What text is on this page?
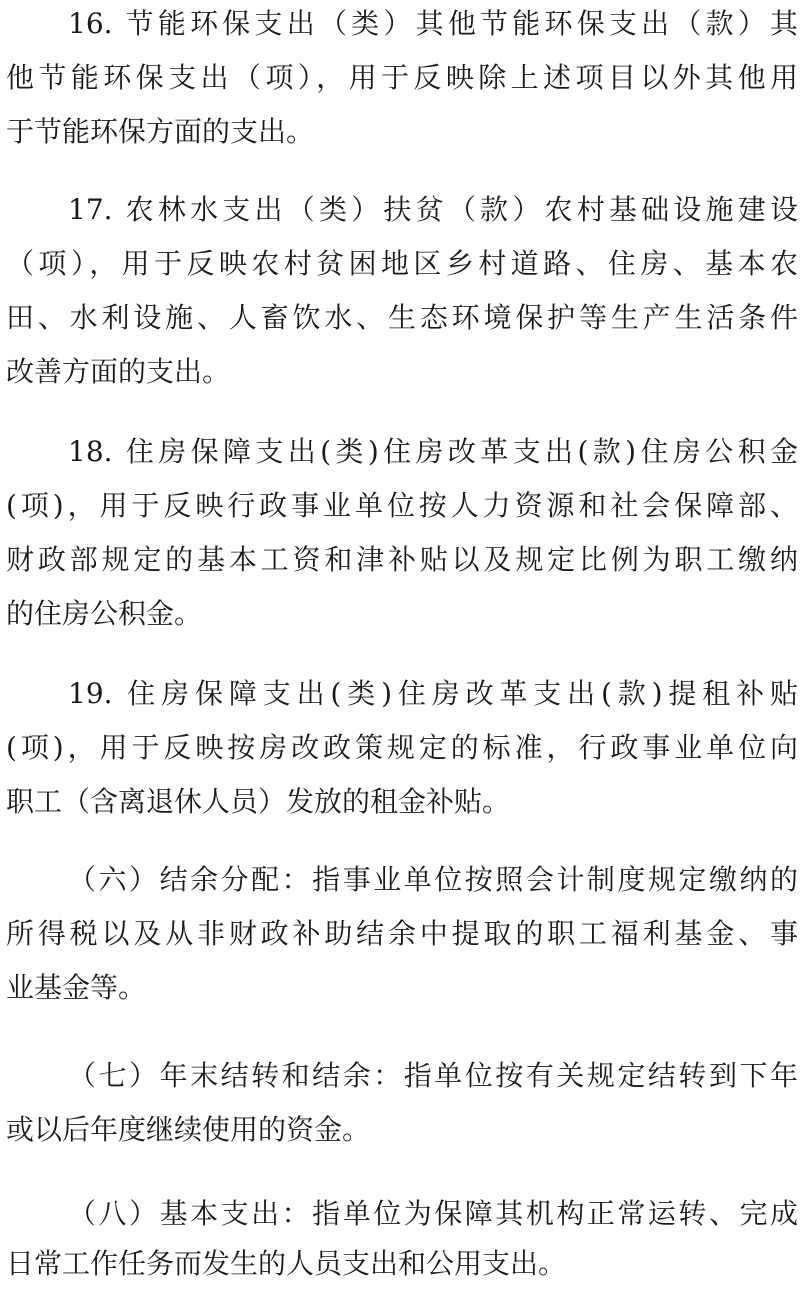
16. 节能环保支出（类）其他节能环保支出（款）其
他节能环保支出（项），用于反映除上述项目以外其他用
于节能环保方面的支出。
17. 农林水支出（类）扶贫（款）农村基础设施建设
（项），用于反映农村贫困地区乡村道路、住房、基本农
田、水利设施、人畜饮水、生态环境保护等生产生活条件
改善方面的支出。
18. 住房保障支出(类)住房改革支出(款)住房公积金
(项)，用于反映行政事业单位按人力资源和社会保障部、
财政部规定的基本工资和津补贴以及规定比例为职工缴纳
的住房公积金。
19. 住房保障支出(类)住房改革支出(款)提租补贴
(项)，用于反映按房改政策规定的标准，行政事业单位向
职工（含离退休人员）发放的租金补贴。
（六）结余分配：指事业单位按照会计制度规定缴纳的
所得税以及从非财政补助结余中提取的职工福利基金、事
业基金等。
（七）年末结转和结余：指单位按有关规定结转到下年
或以后年度继续使用的资金。
（八）基本支出：指单位为保障其机构正常运转、完成
日常工作任务而发生的人员支出和公用支出。
